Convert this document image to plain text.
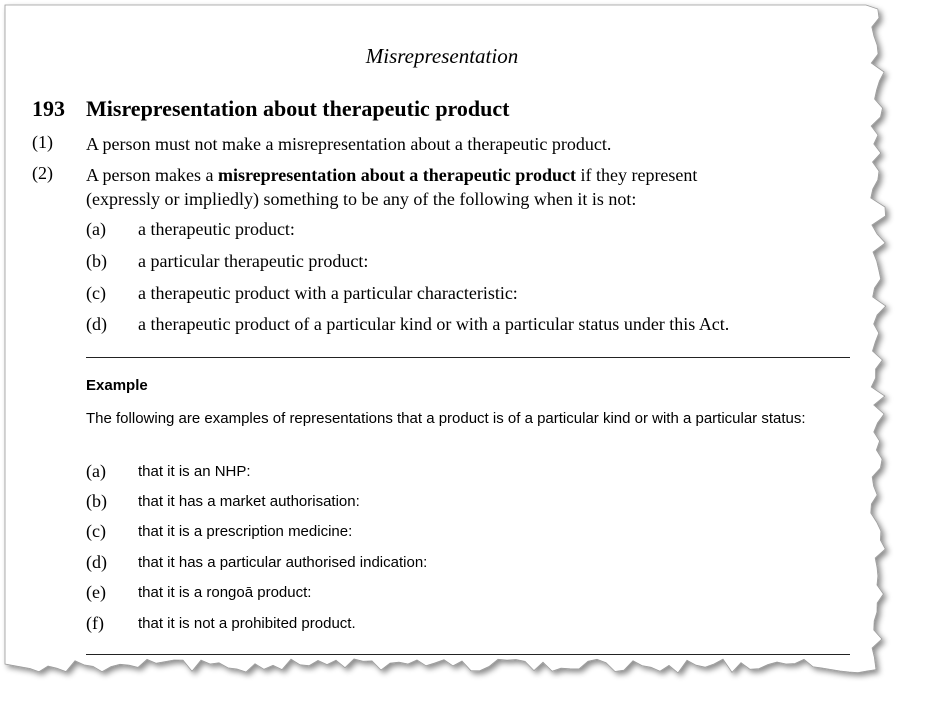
Misrepresentation
193 Misrepresentation about therapeutic product
(1) A person must not make a misrepresentation about a therapeutic product.
(2) A person makes a misrepresentation about a therapeutic product if they represent
(expressly or impliedly) something to be any of the following when it is not:
(a) a therapeutic product:
(b) a particular therapeutic product:
(c) a therapeutic product with a particular characteristic:
(d) a therapeutic product of a particular kind or with a particular status under this Act.
Example
The following are examples of representations that a product is of a particular kind or with a particular status:
(a) that it is an NHP:
(b) that it has a market authorisation:
(c) that it is a prescription medicine:
(d) that it has a particular authorised indication:
(e) that it is a rongoā product:
(f) that it is not a prohibited product.
